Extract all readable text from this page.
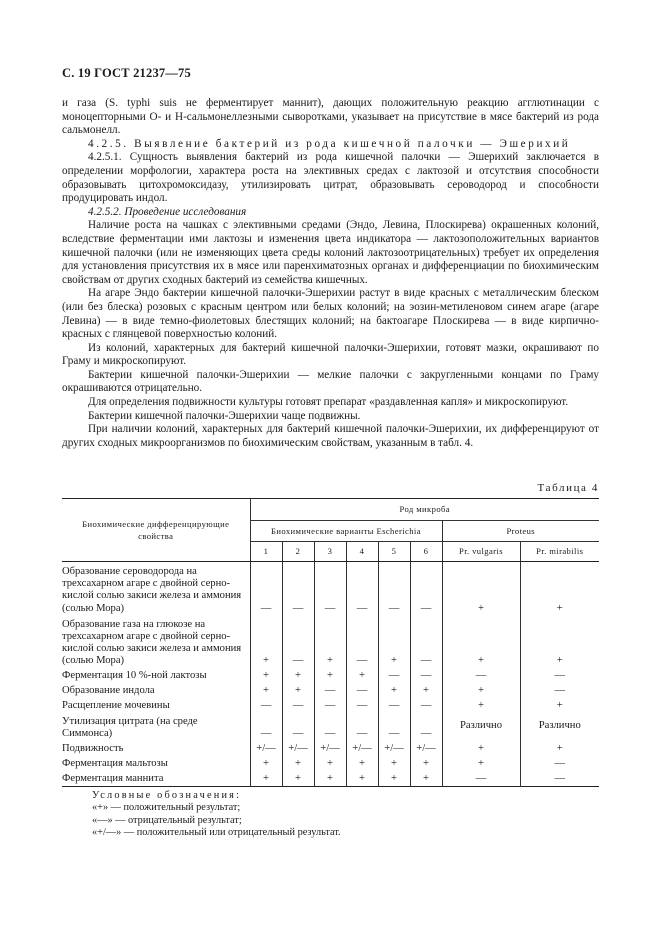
С. 19 ГОСТ 21237—75

и газа (S. typhi suis не ферментирует маннит), дающих положительную реакцию агглютинации с моноцепторными О- и Н-сальмонеллезными сыворотками, указывает на присутствие в мясе бактерий из рода сальмонелл.

4.2.5. Выявление бактерий из рода кишечной палочки — Эшерихий

4.2.5.1. Сущность выявления бактерий из рода кишечной палочки — Эшерихий заключается в определении морфологии, характера роста на элективных средах с лактозой и отсутствия способности образовывать цитохромоксидазу, утилизировать цитрат, образовывать сероводород и способности продуцировать индол.

4.2.5.2. Проведение исследования

Наличие роста на чашках с элективными средами (Эндо, Левина, Плоскирева) окрашенных колоний, вследствие ферментации ими лактозы и изменения цвета индикатора — лактозоположительных вариантов кишечной палочки (или не изменяющих цвета среды колоний лактозоотрицательных) требует их определения для установления присутствия их в мясе или паренхиматозных органах и дифференциации по биохимическим свойствам от других сходных бактерий из семейства кишечных.

На агаре Эндо бактерии кишечной палочки-Эшерихии растут в виде красных с металлическим блеском (или без блеска) розовых с красным центром или белых колоний; на эозин-метиленовом синем агаре (агаре Левина) — в виде темно-фиолетовых блестящих колоний; на бактоагаре Плоскирева — в виде кирпично-красных с глянцевой поверхностью колоний.

Из колоний, характерных для бактерий кишечной палочки-Эшерихии, готовят мазки, окрашивают по Граму и микроскопируют.

Бактерии кишечной палочки-Эшерихии — мелкие палочки с закругленными концами по Граму окрашиваются отрицательно.

Для определения подвижности культуры готовят препарат «раздавленная капля» и микроскопируют.

Бактерии кишечной палочки-Эшерихии чаще подвижны.

При наличии колоний, характерных для бактерий кишечной палочки-Эшерихии, их дифференцируют от других сходных микроорганизмов по биохимическим свойствам, указанным в табл. 4.

Таблица 4
Биохимические дифференцирующие свойства	Род микроба							
	Биохимические варианты Escherichia						Proteus	
	1	2	3	4	5	6	Pr. vulgaris	Pr. mirabilis
Образование сероводорода на трехсахарном агаре с двойной серно-кислой солью закиси железа и аммония (солью Мора)	—	—	—	—	—	—	+	+
Образование газа на глюкозе на трехсахарном агаре с двойной серно-кислой солью закиси железа и аммония (солью Мора)	+	—	+	—	+	—	+	+
Ферментация 10 %-ной лактозы	+	+	+	+	—	—	—	—
Образование индола	+	+	—	—	+	+	+	—
Расщепление мочевины	—	—	—	—	—	—	+	+
Утилизация цитрата (на среде Симмонса)	—	—	—	—	—	—	Различно	Различно
Подвижность	+/—	+/—	+/—	+/—	+/—	+/—	+	+
Ферментация мальтозы	+	+	+	+	+	+	+	—
Ферментация маннита	+	+	+	+	+	+	—	—
Условные обозначения:
«+» — положительный результат;
«—» — отрицательный результат;
«+/—» — положительный или отрицательный результат.
